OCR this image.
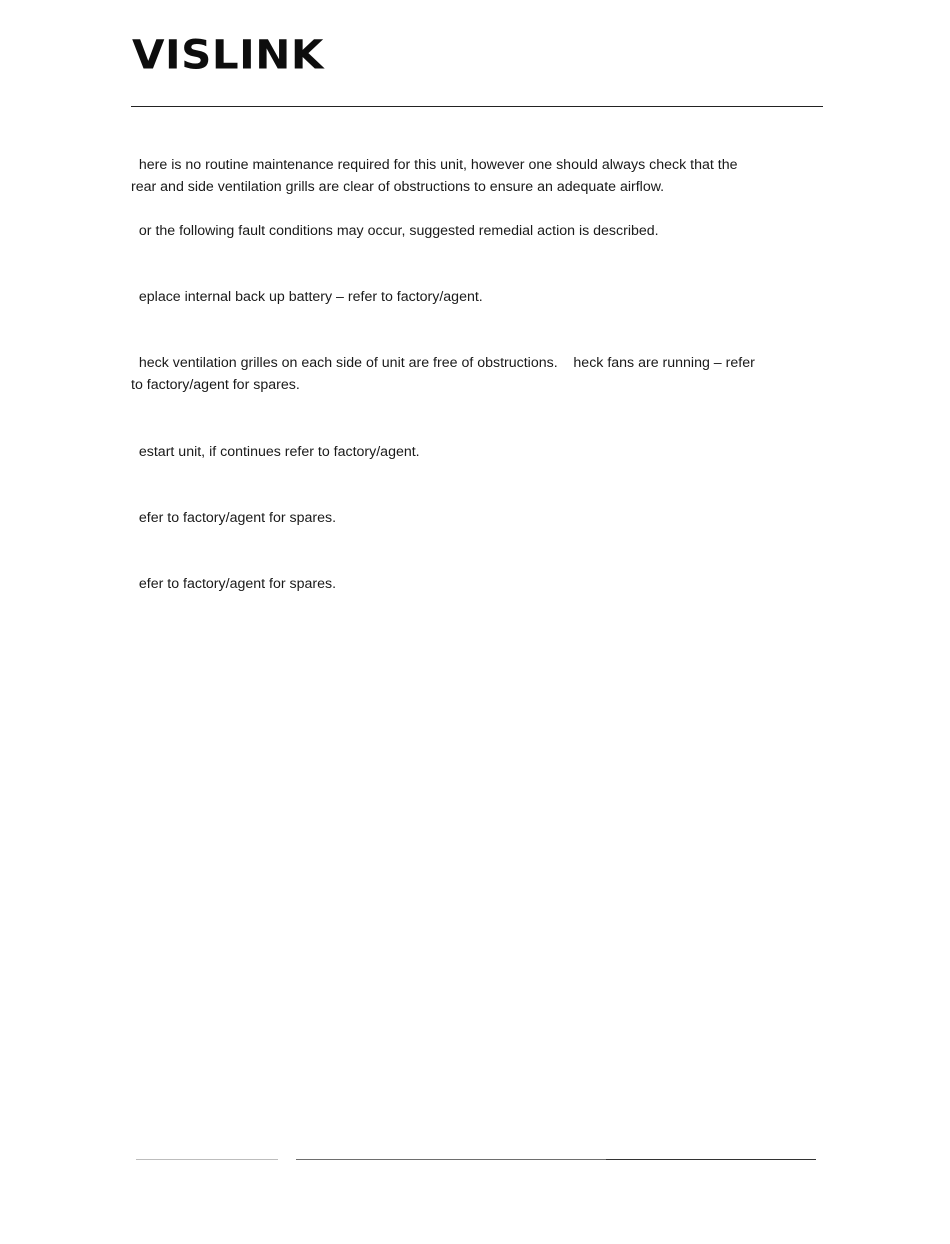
VISLINK

here is no routine maintenance required for this unit, however one should always check that the
rear and side ventilation grills are clear of obstructions to ensure an adequate airflow.

or the following fault conditions may occur, suggested remedial action is described.

eplace internal back up battery – refer to factory/agent.

heck ventilation grilles on each side of unit are free of obstructions.    heck fans are running – refer
to factory/agent for spares.

estart unit, if continues refer to factory/agent.

efer to factory/agent for spares.

efer to factory/agent for spares.
